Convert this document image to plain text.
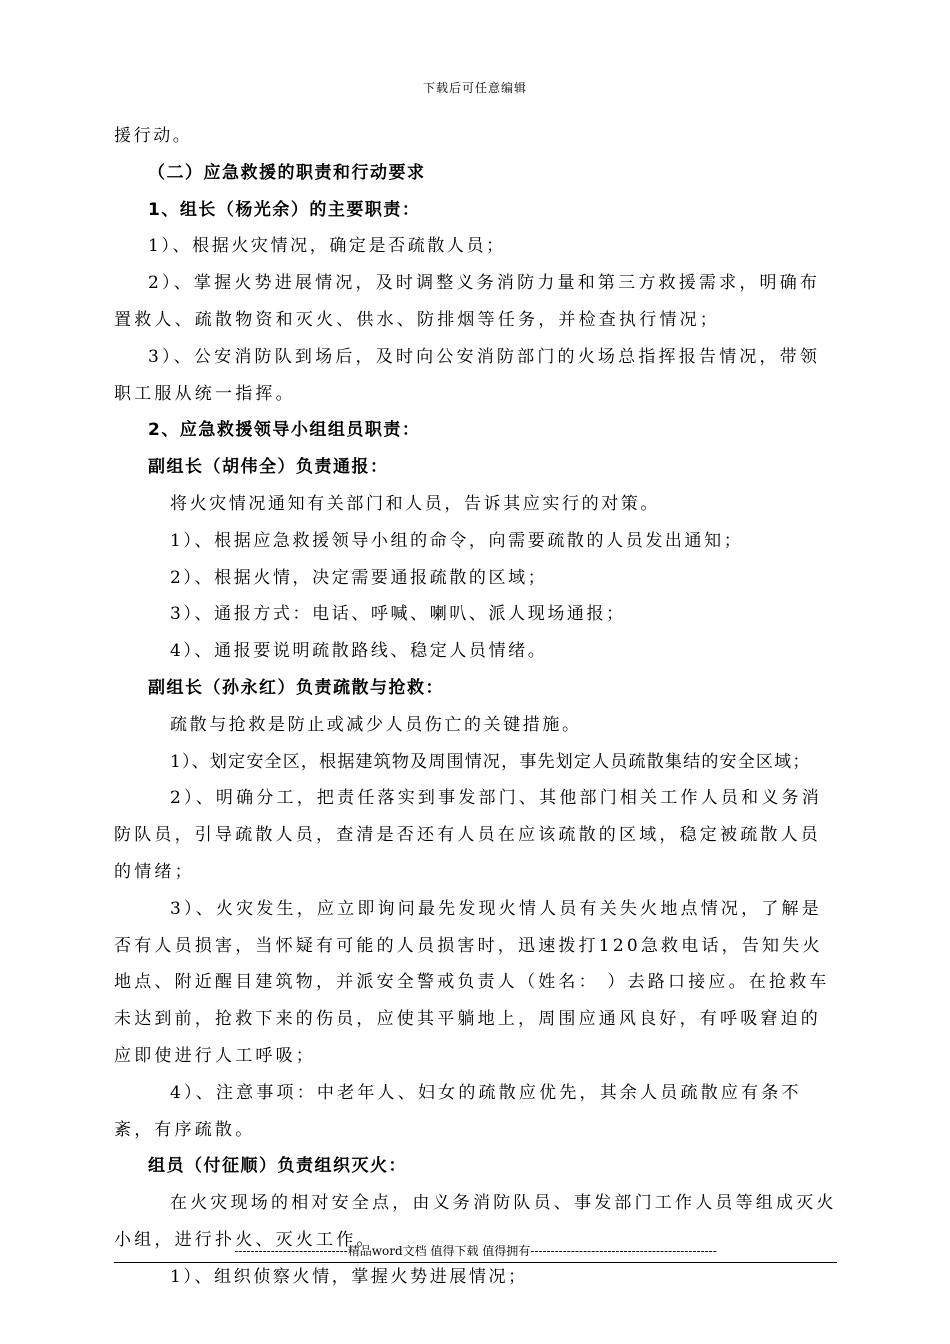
下载后可任意编辑

援行动。

（二）应急救援的职责和行动要求

1、组长（杨光余）的主要职责：

1）、根据火灾情况，确定是否疏散人员；

2）、掌握火势进展情况，及时调整义务消防力量和第三方救援需求，明确布置救人、疏散物资和灭火、供水、防排烟等任务，并检查执行情况；

3）、公安消防队到场后，及时向公安消防部门的火场总指挥报告情况，带领职工服从统一指挥。

2、应急救援领导小组组员职责：

副组长（胡伟全）负责通报：

将火灾情况通知有关部门和人员，告诉其应实行的对策。

1）、根据应急救援领导小组的命令，向需要疏散的人员发出通知；

2）、根据火情，决定需要通报疏散的区域；

3）、通报方式：电话、呼喊、喇叭、派人现场通报；

4）、通报要说明疏散路线、稳定人员情绪。

副组长（孙永红）负责疏散与抢救：

疏散与抢救是防止或减少人员伤亡的关键措施。

1）、划定安全区，根据建筑物及周围情况，事先划定人员疏散集结的安全区域；

2）、明确分工，把责任落实到事发部门、其他部门相关工作人员和义务消防队员，引导疏散人员，查清是否还有人员在应该疏散的区域，稳定被疏散人员的情绪；

3）、火灾发生，应立即询问最先发现火情人员有关失火地点情况，了解是否有人员损害，当怀疑有可能的人员损害时，迅速拨打120急救电话，告知失火地点、附近醒目建筑物，并派安全警戒负责人（姓名： ）去路口接应。在抢救车未达到前，抢救下来的伤员，应使其平躺地上，周围应通风良好，有呼吸窘迫的应即使进行人工呼吸；

4）、注意事项：中老年人、妇女的疏散应优先，其余人员疏散应有条不紊，有序疏散。

组员（付征顺）负责组织灭火：

在火灾现场的相对安全点，由义务消防队员、事发部门工作人员等组成灭火小组，进行扑火、灭火工作。

1）、组织侦察火情，掌握火势进展情况；

----------------------------精品word文档 值得下载 值得拥有----------------------------------------------
